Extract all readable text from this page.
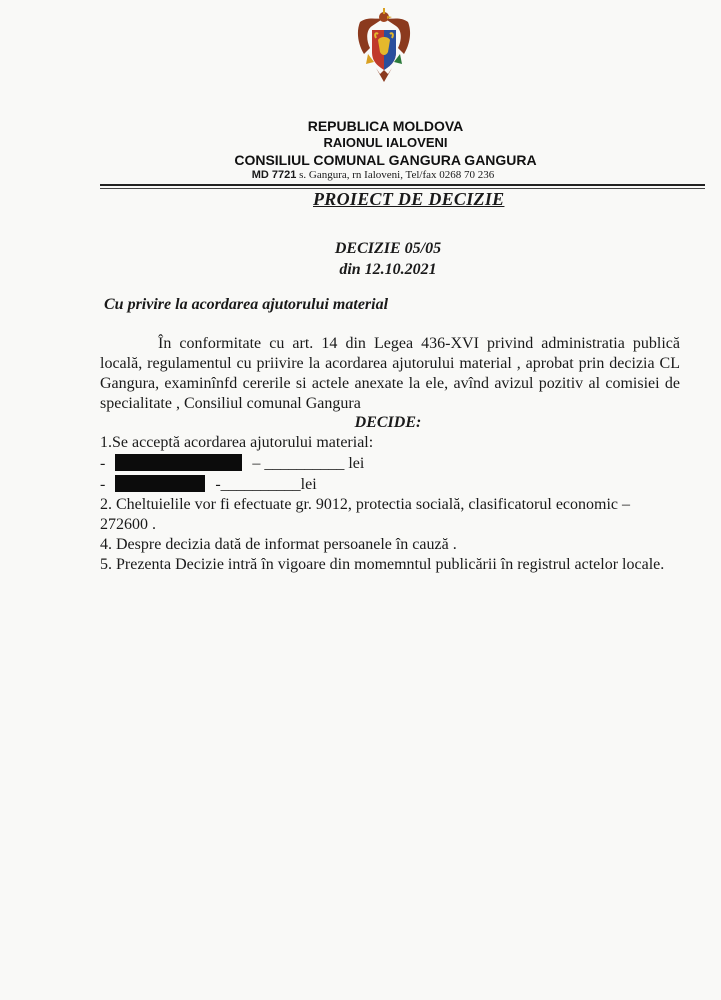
REPUBLICA MOLDOVA
RAIONUL IALOVENI
CONSILIUL COMUNAL GANGURA GANGURA
MD 7721 s. Gangura, rn Ialoveni, Tel/fax 0268 70 236
PROIECT DE DECIZIE
DECIZIE 05/05
din 12.10.2021
Cu privire la acordarea ajutorului material
În conformitate cu art. 14 din Legea 436-XVI privind administratia publică locală, regulamentul cu priivire la acordarea ajutorului material , aprobat prin decizia CL Gangura, examinînfd cererile si actele anexate la ele, avînd avizul pozitiv al comisiei de specialitate , Consiliul comunal Gangura
DECIDE:
1.Se acceptă acordarea ajutorului material:
-	– __________ lei
-	-__________lei
2. Cheltuielile vor fi efectuate gr. 9012, protectia socială, clasificatorul economic – 272600 .
4. Despre decizia dată de informat persoanele în cauză .
5. Prezenta Decizie intră în vigoare din momemntul publicării în registrul actelor locale.
